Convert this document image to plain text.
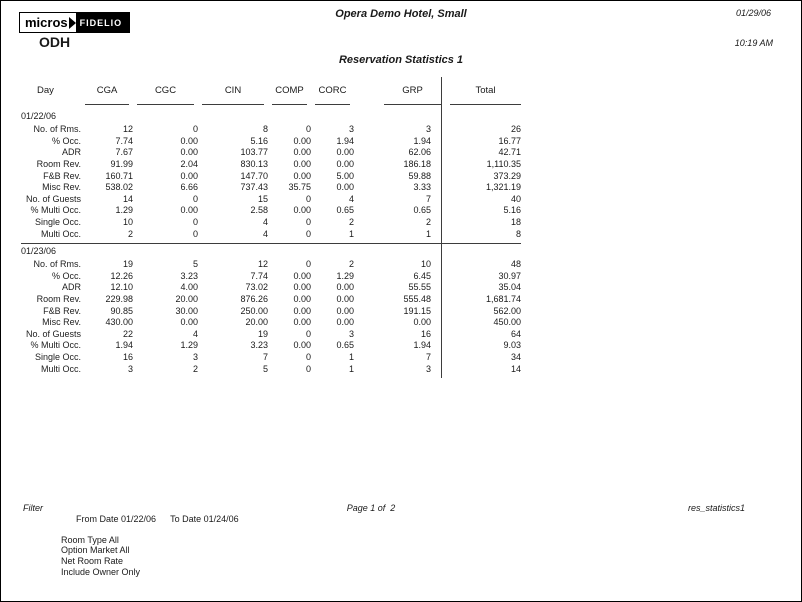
micros	FIDELIO
ODH
Opera Demo Hotel, Small	01/29/06
10:19 AM
Reservation Statistics 1
Day	CGA	CGC	CIN	COMP	CORC	GRP	Total
01/22/06
No. of Rms.	12	0	8	0	3	3	26
% Occ.	7.74	0.00	5.16	0.00	1.94	1.94	16.77
ADR	7.67	0.00	103.77	0.00	0.00	62.06	42.71
Room Rev.	91.99	2.04	830.13	0.00	0.00	186.18	1,110.35
F&B Rev.	160.71	0.00	147.70	0.00	5.00	59.88	373.29
Misc Rev.	538.02	6.66	737.43	35.75	0.00	3.33	1,321.19
No. of Guests	14	0	15	0	4	7	40
% Multi Occ.	1.29	0.00	2.58	0.00	0.65	0.65	5.16
Single Occ.	10	0	4	0	2	2	18
Multi Occ.	2	0	4	0	1	1	8
01/23/06
No. of Rms.	19	5	12	0	2	10	48
% Occ.	12.26	3.23	7.74	0.00	1.29	6.45	30.97
ADR	12.10	4.00	73.02	0.00	0.00	55.55	35.04
Room Rev.	229.98	20.00	876.26	0.00	0.00	555.48	1,681.74
F&B Rev.	90.85	30.00	250.00	0.00	0.00	191.15	562.00
Misc Rev.	430.00	0.00	20.00	0.00	0.00	0.00	450.00
No. of Guests	22	4	19	0	3	16	64
% Multi Occ.	1.94	1.29	3.23	0.00	0.65	1.94	9.03
Single Occ.	16	3	7	0	1	7	34
Multi Occ.	3	2	5	0	1	3	14
Filter

From Date 01/22/06 To Date 01/24/06

Room Type All
Option Market All
Net Room Rate
Include Owner Only
Page 1 of  2	res_statistics1
